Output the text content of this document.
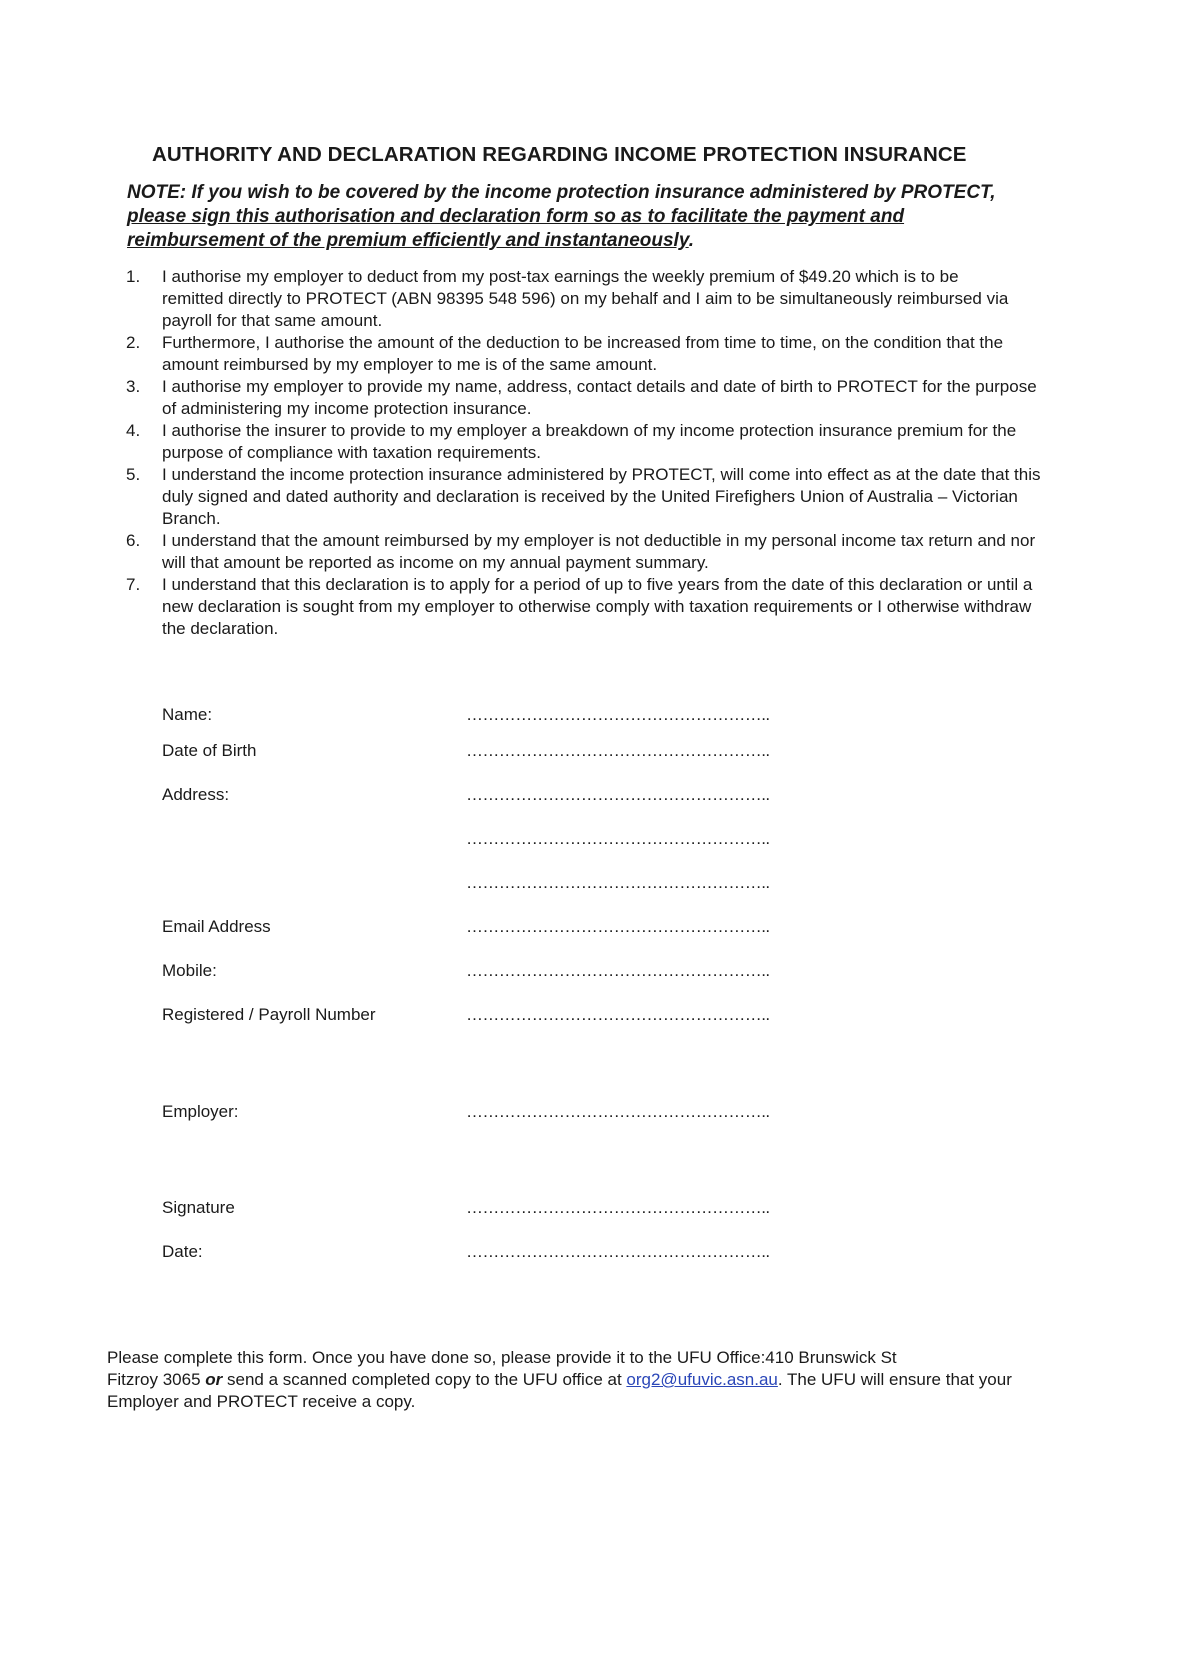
AUTHORITY AND DECLARATION REGARDING INCOME PROTECTION INSURANCE
NOTE: If you wish to be covered by the income protection insurance administered by PROTECT,
please sign this authorisation and declaration form so as to facilitate the payment and
reimbursement of the premium efficiently and instantaneously.
1. I authorise my employer to deduct from my post-tax earnings the weekly premium of $49.20 which is to be
remitted directly to PROTECT (ABN 98395 548 596) on my behalf and I aim to be simultaneously reimbursed via
payroll for that same amount.
2. Furthermore, I authorise the amount of the deduction to be increased from time to time, on the condition that the
amount reimbursed by my employer to me is of the same amount.
3. I authorise my employer to provide my name, address, contact details and date of birth to PROTECT for the purpose
of administering my income protection insurance.
4. I authorise the insurer to provide to my employer a breakdown of my income protection insurance premium for the
purpose of compliance with taxation requirements.
5. I understand the income protection insurance administered by PROTECT, will come into effect as at the date that this
duly signed and dated authority and declaration is received by the United Firefighers Union of Australia – Victorian
Branch.
6. I understand that the amount reimbursed by my employer is not deductible in my personal income tax return and nor
will that amount be reported as income on my annual payment summary.
7. I understand that this declaration is to apply for a period of up to five years from the date of this declaration or until a
new declaration is sought from my employer to otherwise comply with taxation requirements or I otherwise withdraw
the declaration.
Name:	………………………………………………..
Date of Birth	………………………………………………..
Address:	………………………………………………..
………………………………………………..
………………………………………………..
Email Address	………………………………………………..
Mobile:	………………………………………………..
Registered / Payroll Number	………………………………………………..
Employer:	………………………………………………..
Signature	………………………………………………..
Date:	………………………………………………..
Please complete this form. Once you have done so, please provide it to the UFU Office:410 Brunswick St
Fitzroy 3065 or send a scanned completed copy to the UFU office at org2@ufuvic.asn.au. The UFU will ensure that your
Employer and PROTECT receive a copy.
